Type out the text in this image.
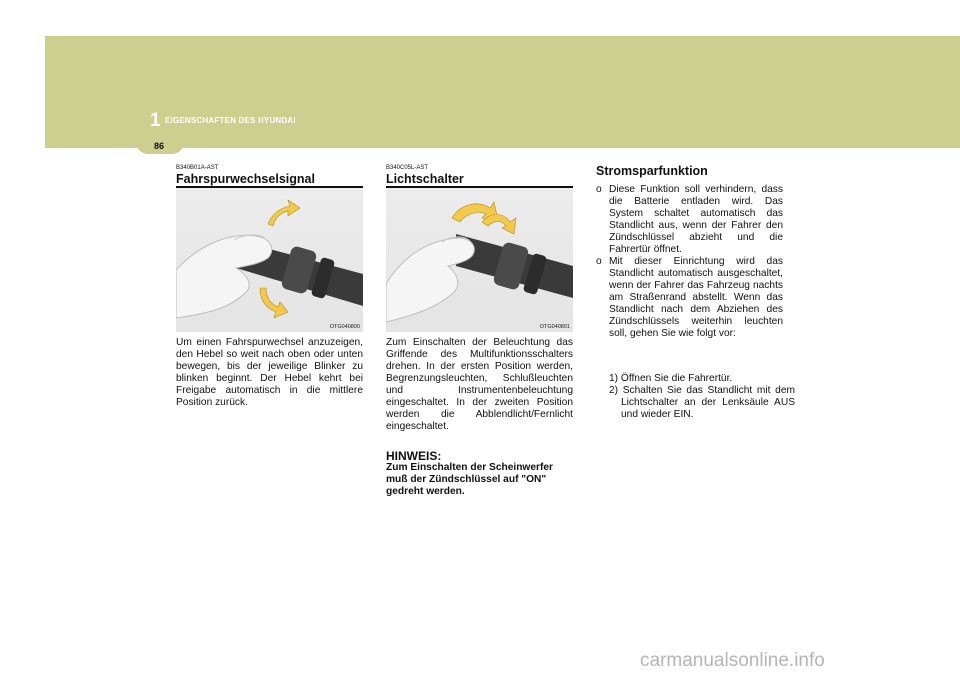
1 EIGENSCHAFTEN DES HYUNDAI
86
B340B01A-AST
Fahrspurwechselsignal
OTG040800
Um einen Fahrspurwechsel anzuzeigen, den Hebel so weit nach oben oder unten bewegen, bis der jeweilige Blinker zu blinken beginnt. Der Hebel kehrt bei Freigabe automatisch in die mittlere Position zurück.
B340C05L-AST
Lichtschalter
OTG040801
Zum Einschalten der Beleuchtung das Griffende des Multifunktionsschalters drehen. In der ersten Position werden, Begrenzungsleuchten, Schlußleuchten und Instrumentenbeleuchtung eingeschaltet. In der zweiten Position werden die Abblendlicht/Fernlicht eingeschaltet.
HINWEIS:
Zum Einschalten der Scheinwerfer muß der Zündschlüssel auf "ON" gedreht werden.
Stromsparfunktion
o Diese Funktion soll verhindern, dass die Batterie entladen wird. Das System schaltet automatisch das Standlicht aus, wenn der Fahrer den Zündschlüssel abzieht und die Fahrertür öffnet.
o Mit dieser Einrichtung wird das Standlicht automatisch ausgeschaltet, wenn der Fahrer das Fahrzeug nachts am Straßenrand abstellt. Wenn das Standlicht nach dem Abziehen des Zündschlüssels weiterhin leuchten soll, gehen Sie wie folgt vor:
1) Öffnen Sie die Fahrertür.
2) Schalten Sie das Standlicht mit dem Lichtschalter an der Lenksäule AUS und wieder EIN.
carmanualsonline.info
